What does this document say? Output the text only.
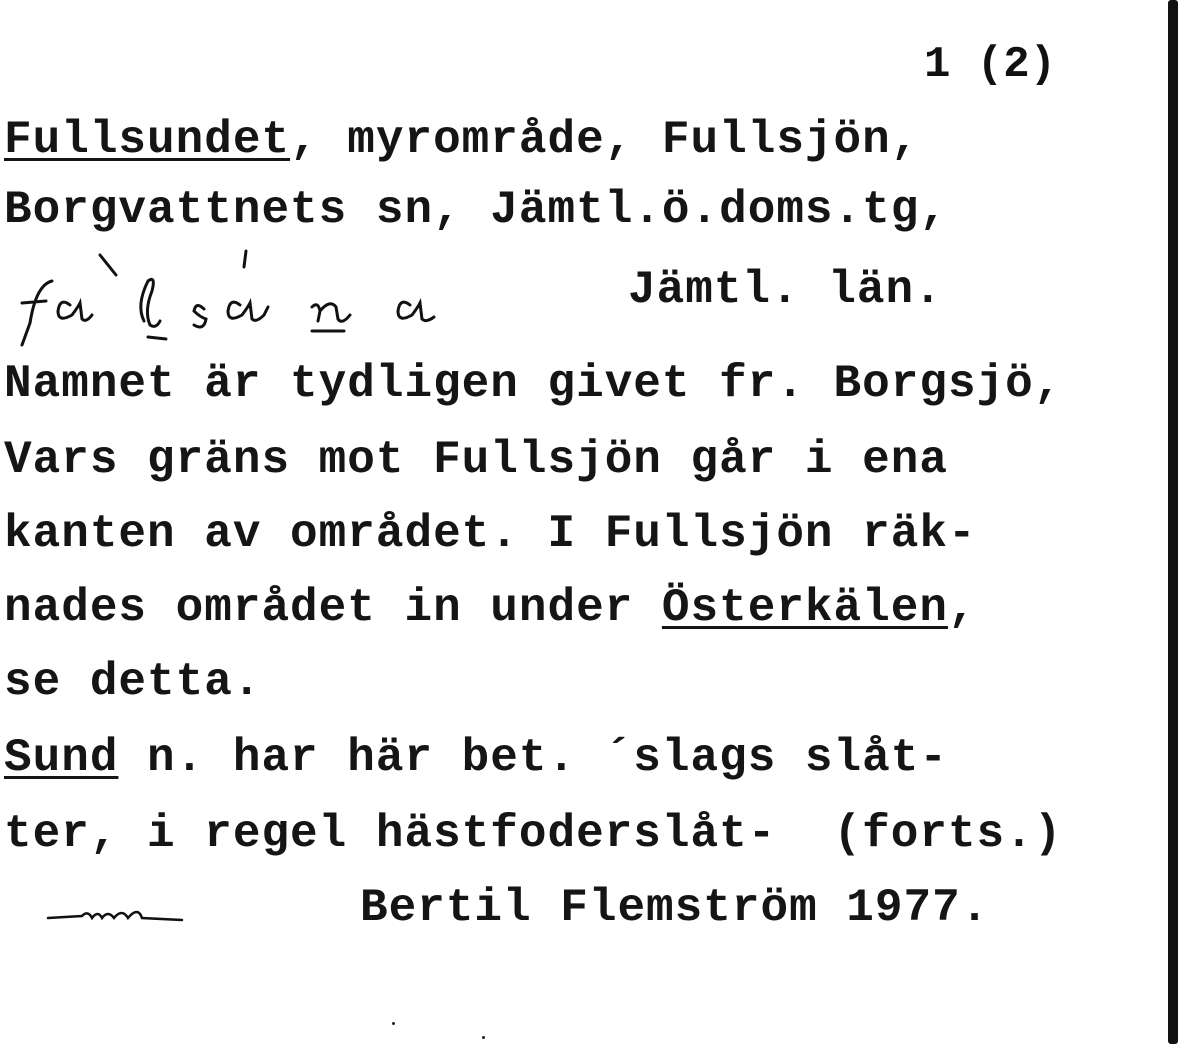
1 (2)
Fullsundet, myrområde, Fullsjön,
Borgvattnets sn, Jämtl.ö.doms.tg,
Jämtl. län.
Namnet är tydligen givet fr. Borgsjö,
Vars gräns mot Fullsjön går i ena
kanten av området. I Fullsjön räk-
nades området in under Österkälen,
se detta.
Sund n. har här bet. ´slags slåt-
ter, i regel hästfoderslåt-  (forts.)
Bertil Flemström 1977.
